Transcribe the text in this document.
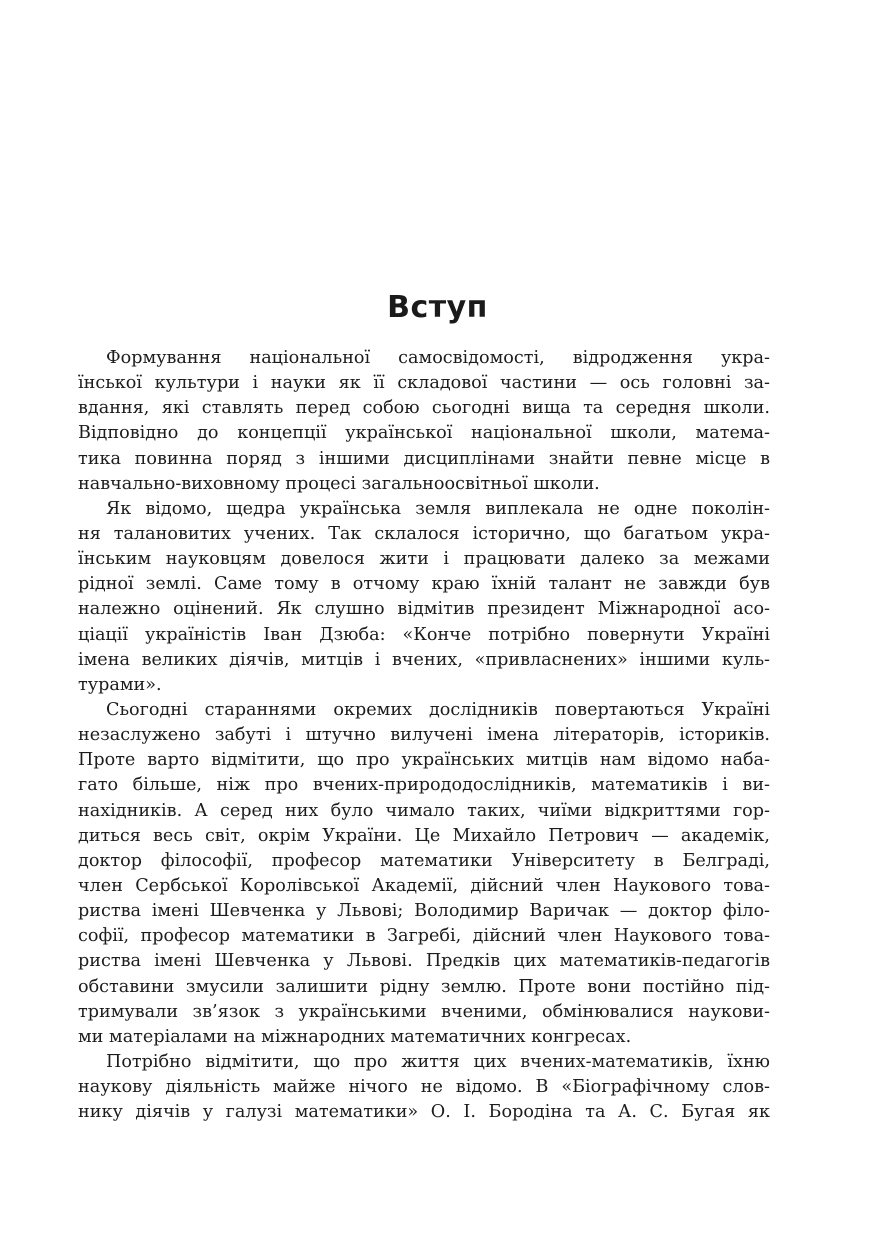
Вступ
Формування національної самосвідомості, відродження укра-
їнської культури і науки як її складової частини — ось головні за-
вдання, які ставлять перед собою сьогодні вища та середня школи.
Відповідно до концепції української національної школи, матема-
тика повинна поряд з іншими дисциплінами знайти певне місце в
навчально-виховному процесі загальноосвітньої школи.
Як відомо, щедра українська земля виплекала не одне поколін-
ня талановитих учених. Так склалося історично, що багатьом укра-
їнським науковцям довелося жити і працювати далеко за межами
рідної землі. Саме тому в отчому краю їхній талант не завжди був
належно оцінений. Як слушно відмітив президент Міжнародної асо-
ціації україністів Іван Дзюба: «Конче потрібно повернути Україні
імена великих діячів, митців і вчених, «привласнених» іншими куль-
турами».
Сьогодні стараннями окремих дослідників повертаються Україні
незаслужено забуті і штучно вилучені імена літераторів, істориків.
Проте варто відмітити, що про українських митців нам відомо наба-
гато більше, ніж про вчених-природодослідників, математиків і ви-
нахідників. А серед них було чимало таких, чиїми відкриттями гор-
диться весь світ, окрім України. Це Михайло Петрович — академік,
доктор філософії, професор математики Університету в Белграді,
член Сербської Королівської Академії, дійсний член Наукового това-
риства імені Шевченка у Львові; Володимир Варичак — доктор філо-
софії, професор математики в Загребі, дійсний член Наукового това-
риства імені Шевченка у Львові. Предків цих математиків-педагогів
обставини змусили залишити рідну землю. Проте вони постійно під-
тримували зв’язок з українськими вченими, обмінювалися наукови-
ми матеріалами на міжнародних математичних конгресах.
Потрібно відмітити, що про життя цих вчених-математиків, їхню
наукову діяльність майже нічого не відомо. В «Біографічному слов-
нику діячів у галузі математики» О. І. Бородіна та А. С. Бугая як
